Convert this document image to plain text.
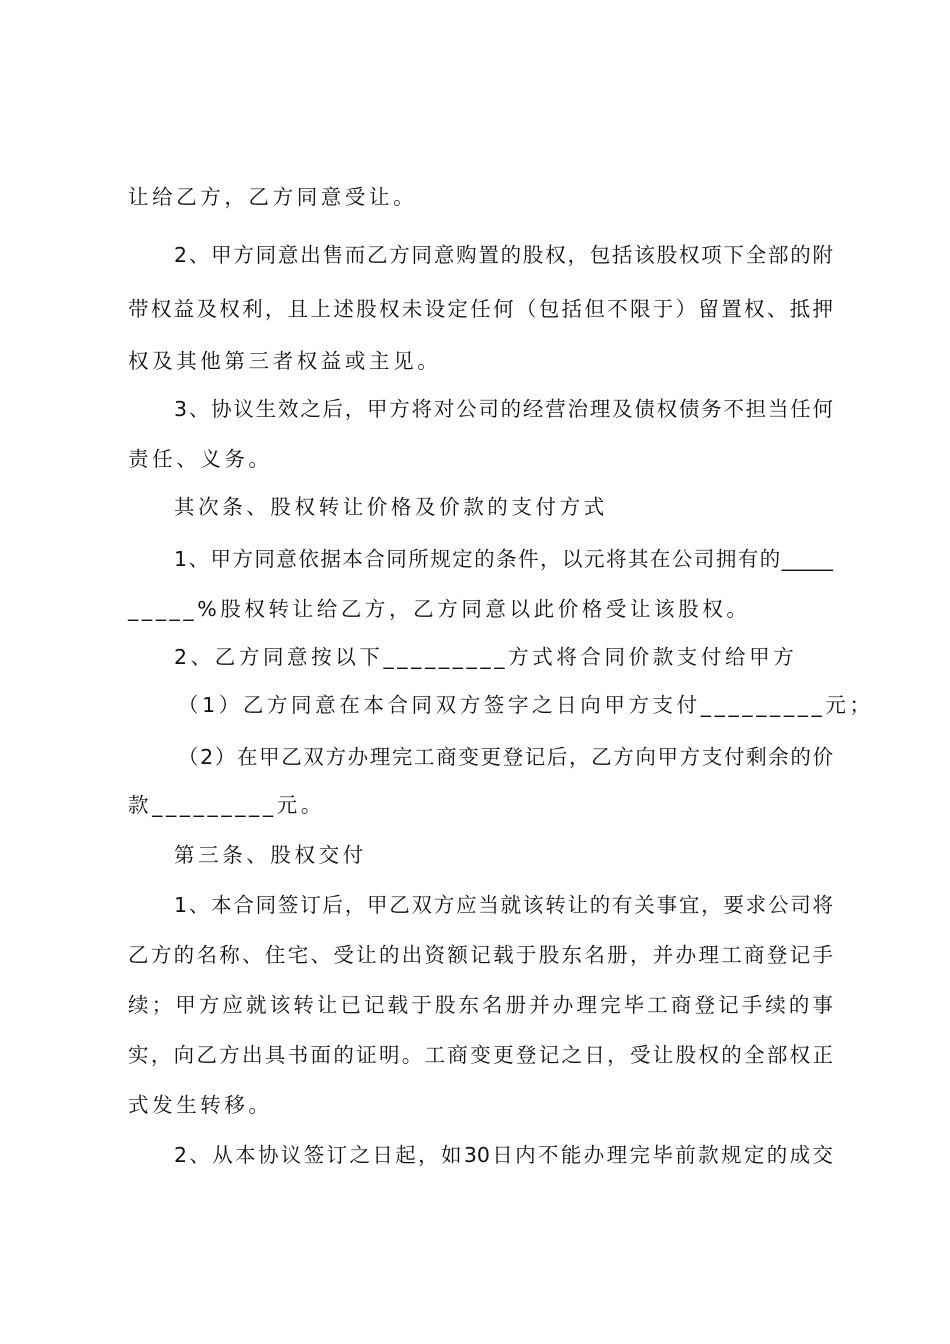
让给乙方，乙方同意受让。
2、甲方同意出售而乙方同意购置的股权，包括该股权项下全部的附
带权益及权利，且上述股权未设定任何（包括但不限于）留置权、抵押
权及其他第三者权益或主见。
3、协议生效之后，甲方将对公司的经营治理及债权债务不担当任何
责任、义务。
其次条、股权转让价格及价款的支付方式
1、甲方同意依据本合同所规定的条件，以元将其在公司拥有的_____
_____%股权转让给乙方，乙方同意以此价格受让该股权。
2、乙方同意按以下_________方式将合同价款支付给甲方
（1）乙方同意在本合同双方签字之日向甲方支付_________元；
（2）在甲乙双方办理完工商变更登记后，乙方向甲方支付剩余的价
款_________元。
第三条、股权交付
1、本合同签订后，甲乙双方应当就该转让的有关事宜，要求公司将
乙方的名称、住宅、受让的出资额记载于股东名册，并办理工商登记手
续；甲方应就该转让已记载于股东名册并办理完毕工商登记手续的事
实，向乙方出具书面的证明。工商变更登记之日，受让股权的全部权正
式发生转移。
2、从本协议签订之日起，如30日内不能办理完毕前款规定的成交
